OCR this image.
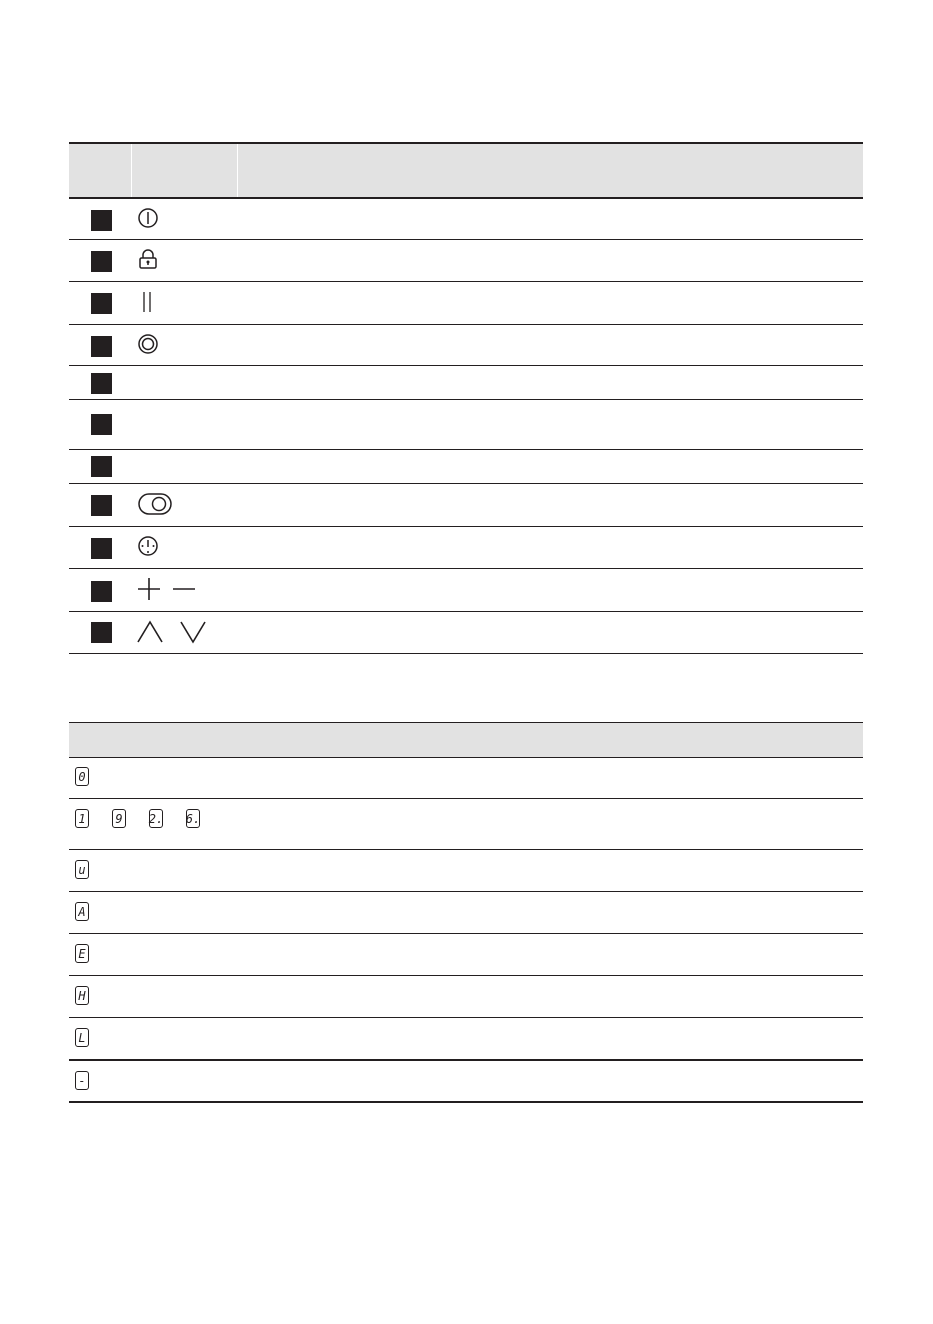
0
1 9 2. 6.
u
A
E
H
L
-
